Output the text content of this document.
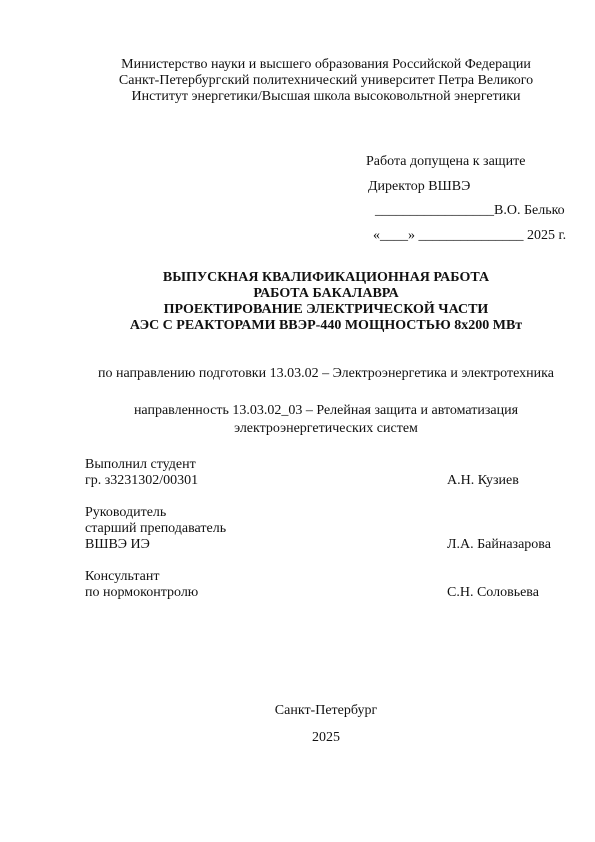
Министерство науки и высшего образования Российской Федерации
Санкт-Петербургский политехнический университет Петра Великого
Институт энергетики/Высшая школа высоковольтной энергетики
Работа допущена к защите
Директор ВШВЭ
_________________В.О. Белько
«____» _______________ 2025 г.
ВЫПУСКНАЯ КВАЛИФИКАЦИОННАЯ РАБОТА
РАБОТА БАКАЛАВРА
ПРОЕКТИРОВАНИЕ ЭЛЕКТРИЧЕСКОЙ ЧАСТИ
АЭС С РЕАКТОРАМИ ВВЭР-440 МОЩНОСТЬЮ 8х200 МВт
по направлению подготовки 13.03.02 – Электроэнергетика и электротехника
направленность 13.03.02_03 – Релейная защита и автоматизация
электроэнергетических систем
Выполнил студент
гр. з3231302/00301	А.Н. Кузиев
Руководитель
старший преподаватель
ВШВЭ ИЭ	Л.А. Байназарова
Консультант
по нормоконтролю	С.Н. Соловьева
Санкт-Петербург
2025
